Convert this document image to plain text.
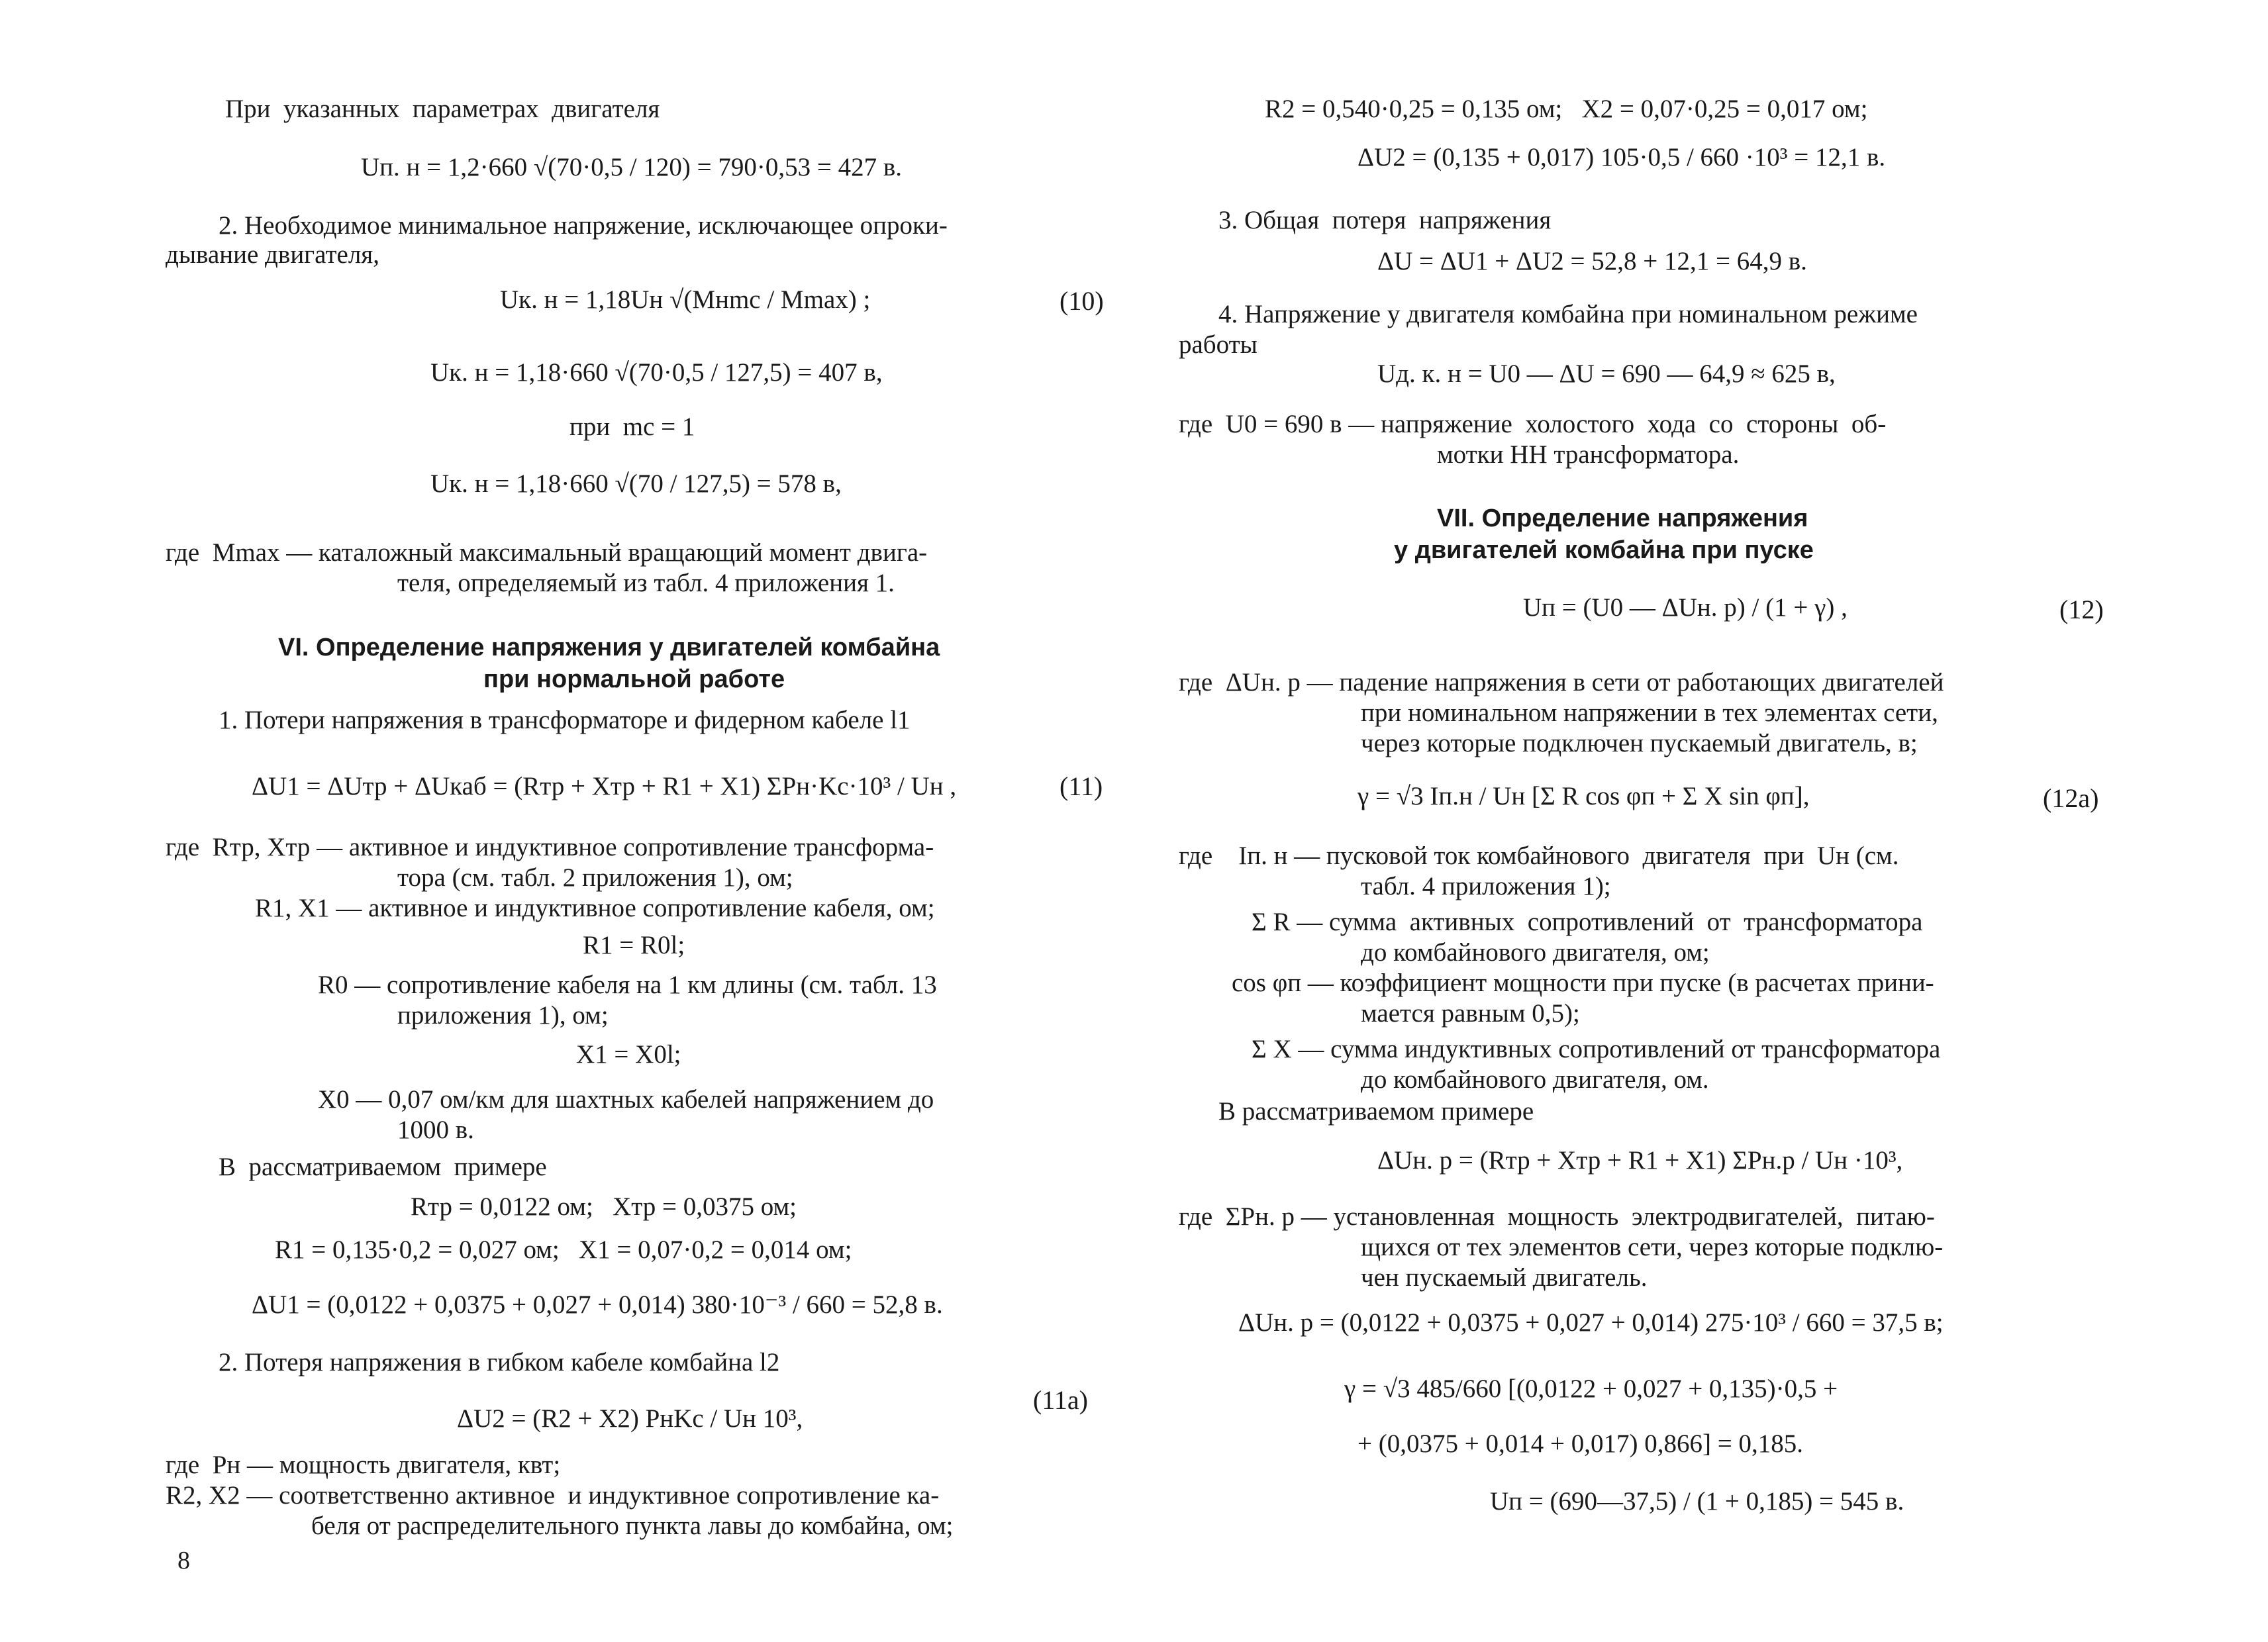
При  указанных  параметрах  двигателя
Uп. н = 1,2·660 √(70·0,5 / 120) = 790·0,53 = 427 в.
2. Необходимое минимальное напряжение, исключающее опроки-
дывание двигателя,
Uк. н = 1,18Uн √(Mнmс / Mmax) ;	(10)
Uк. н = 1,18·660 √(70·0,5 / 127,5) = 407 в,
при  mс = 1
Uк. н = 1,18·660 √(70 / 127,5) = 578 в,
где  Mmax — каталожный максимальный вращающий момент двига-
теля, определяемый из табл. 4 приложения 1.
VI. Определение напряжения у двигателей комбайна
при нормальной работе
1. Потери напряжения в трансформаторе и фидерном кабеле l1
ΔU1 = ΔUтр + ΔUкаб = (Rтр + Xтр + R1 + X1) ΣPн·Kс·10³ / Uн ,	(11)
где  Rтр, Xтр — активное и индуктивное сопротивление трансформа-
тора (см. табл. 2 приложения 1), ом;
R1, X1 — активное и индуктивное сопротивление кабеля, ом;
R1 = R0l;
R0 — сопротивление кабеля на 1 км длины (см. табл. 13
приложения 1), ом;
X1 = X0l;
X0 — 0,07 ом/км для шахтных кабелей напряжением до
1000 в.
В  рассматриваемом  примере
Rтр = 0,0122 ом;   Xтр = 0,0375 ом;
R1 = 0,135·0,2 = 0,027 ом;   X1 = 0,07·0,2 = 0,014 ом;
ΔU1 = (0,0122 + 0,0375 + 0,027 + 0,014) 380·10⁻³ / 660 = 52,8 в.
2. Потеря напряжения в гибком кабеле комбайна l2
ΔU2 = (R2 + X2) PнKс / Uн 10³,
(11а)
где  Pн — мощность двигателя, квт;
R2, X2 — соответственно активное  и индуктивное сопротивление ка-
беля от распределительного пункта лавы до комбайна, ом;
8
R2 = 0,540·0,25 = 0,135 ом;   X2 = 0,07·0,25 = 0,017 ом;
ΔU2 = (0,135 + 0,017) 105·0,5 / 660 ·10³ = 12,1 в.
3. Общая  потеря  напряжения
ΔU = ΔU1 + ΔU2 = 52,8 + 12,1 = 64,9 в.
4. Напряжение у двигателя комбайна при номинальном режиме
работы
Uд. к. н = U0 — ΔU = 690 — 64,9 ≈ 625 в,
где  U0 = 690 в — напряжение  холостого  хода  со  стороны  об-
мотки НН трансформатора.
VII. Определение напряжения
у двигателей комбайна при пуске
Uп = (U0 — ΔUн. р) / (1 + γ) ,	(12)
где  ΔUн. р — падение напряжения в сети от работающих двигателей
при номинальном напряжении в тех элементах сети,
через которые подключен пускаемый двигатель, в;
γ = √3 Iп.н / Uн [Σ R cos φп + Σ X sin φп],	(12а)
где    Iп. н — пусковой ток комбайнового  двигателя  при  Uн (см.
табл. 4 приложения 1);
Σ R — сумма  активных  сопротивлений  от  трансформатора
до комбайнового двигателя, ом;
cos φп — коэффициент мощности при пуске (в расчетах прини-
мается равным 0,5);
Σ X — сумма индуктивных сопротивлений от трансформатора
до комбайнового двигателя, ом.
В рассматриваемом примере
ΔUн. р = (Rтр + Xтр + R1 + X1) ΣPн.р / Uн ·10³,
где  ΣPн. р — установленная  мощность  электродвигателей,  питаю-
щихся от тех элементов сети, через которые подклю-
чен пускаемый двигатель.
ΔUн. р = (0,0122 + 0,0375 + 0,027 + 0,014) 275·10³ / 660 = 37,5 в;
γ = √3 485/660 [(0,0122 + 0,027 + 0,135)·0,5 +
+ (0,0375 + 0,014 + 0,017) 0,866] = 0,185.
Uп = (690—37,5) / (1 + 0,185) = 545 в.
